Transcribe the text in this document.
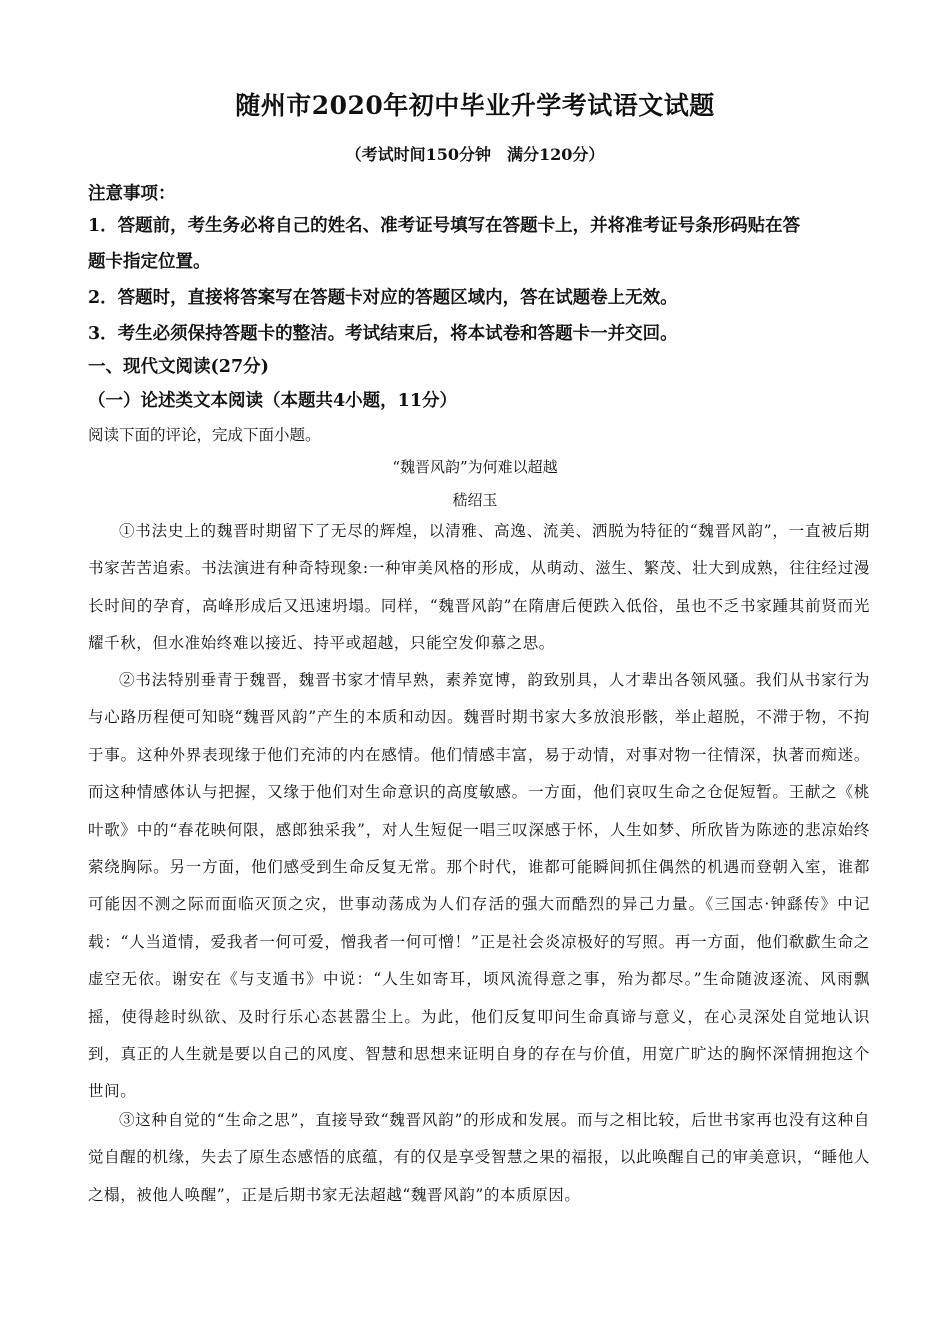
随州市2020年初中毕业升学考试语文试题
（考试时间150分钟　满分120分）
注意事项：
1．答题前，考生务必将自己的姓名、准考证号填写在答题卡上，并将准考证号条形码贴在答
题卡指定位置。
2．答题时，直接将答案写在答题卡对应的答题区域内，答在试题卷上无效。
3．考生必须保持答题卡的整洁。考试结束后，将本试卷和答题卡一并交回。
一、现代文阅读(27分)
（一）论述类文本阅读（本题共4小题，11分）
阅读下面的评论，完成下面小题。
“魏晋风韵”为何难以超越
嵇绍玉
①书法史上的魏晋时期留下了无尽的辉煌，以清雅、高逸、流美、洒脱为特征的“魏晋风韵”，一直被后期书家苦苦追索。书法演进有种奇特现象:一种审美风格的形成，从萌动、滋生、繁茂、壮大到成熟，往往经过漫长时间的孕育，高峰形成后又迅速坍塌。同样，“魏晋风韵”在隋唐后便跌入低俗，虽也不乏书家踵其前贤而光耀千秋，但水准始终难以接近、持平或超越，只能空发仰慕之思。
②书法特别垂青于魏晋，魏晋书家才情早熟，素养宽博，韵致别具，人才辈出各领风骚。我们从书家行为与心路历程便可知晓“魏晋风韵”产生的本质和动因。魏晋时期书家大多放浪形骸，举止超脱，不滞于物，不拘于事。这种外界表现缘于他们充沛的内在感情。他们情感丰富，易于动情，对事对物一往情深，执著而痴迷。而这种情感体认与把握，又缘于他们对生命意识的高度敏感。一方面，他们哀叹生命之仓促短暂。王献之《桃叶歌》中的“春花映何限，感郎独采我”，对人生短促一唱三叹深感于怀，人生如梦、所欣皆为陈迹的悲凉始终萦绕胸际。另一方面，他们感受到生命反复无常。那个时代，谁都可能瞬间抓住偶然的机遇而登朝入室，谁都可能因不测之际而面临灭顶之灾，世事动荡成为人们存活的强大而酷烈的异己力量。《三国志·钟繇传》中记载：“人当道情，爱我者一何可爱，憎我者一何可憎！”正是社会炎凉极好的写照。再一方面，他们欷歔生命之虚空无依。谢安在《与支遁书》中说：“人生如寄耳，顷风流得意之事，殆为都尽。”生命随波逐流、风雨飘摇，使得趁时纵欲、及时行乐心态甚嚣尘上。为此，他们反复叩问生命真谛与意义，在心灵深处自觉地认识到，真正的人生就是要以自己的风度、智慧和思想来证明自身的存在与价值，用宽广旷达的胸怀深情拥抱这个世间。
③这种自觉的“生命之思”，直接导致“魏晋风韵”的形成和发展。而与之相比较，后世书家再也没有这种自觉自醒的机缘，失去了原生态感悟的底蕴，有的仅是享受智慧之果的福报，以此唤醒自己的审美意识，“睡他人之榻，被他人唤醒”，正是后期书家无法超越“魏晋风韵”的本质原因。
